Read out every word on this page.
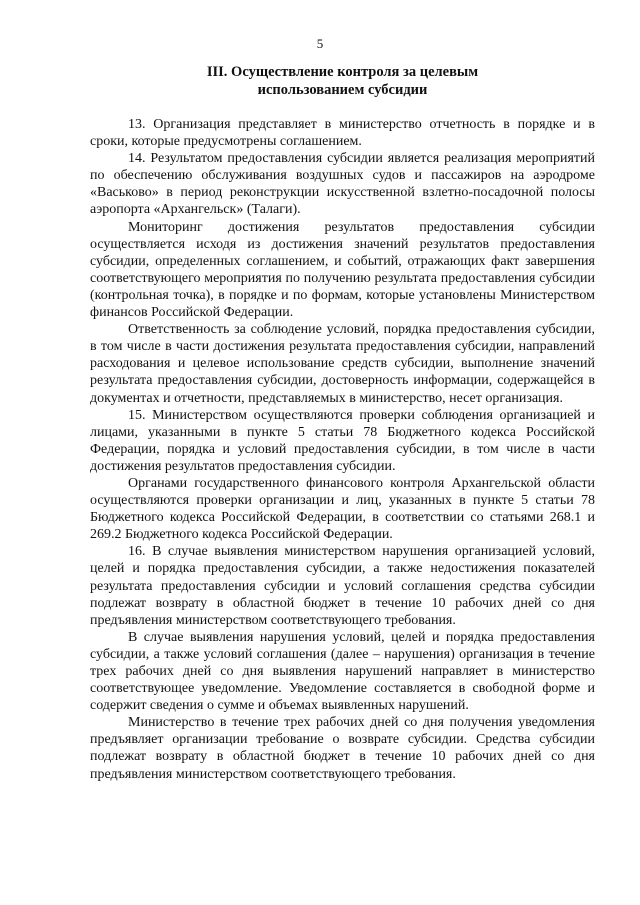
5
III. Осуществление контроля за целевым
использованием субсидии

13. Организация представляет в министерство отчетность в порядке и в сроки, которые предусмотрены соглашением.

14. Результатом предоставления субсидии является реализация мероприятий по обеспечению обслуживания воздушных судов и пассажиров на аэродроме «Васьково» в период реконструкции искусственной взлетно-посадочной полосы аэропорта «Архангельск» (Талаги).

Мониторинг достижения результатов предоставления субсидии осуществляется исходя из достижения значений результатов предоставления субсидии, определенных соглашением, и событий, отражающих факт завершения соответствующего мероприятия по получению результата предоставления субсидии (контрольная точка), в порядке и по формам, которые установлены Министерством финансов Российской Федерации.

Ответственность за соблюдение условий, порядка предоставления субсидии, в том числе в части достижения результата предоставления субсидии, направлений расходования и целевое использование средств субсидии, выполнение значений результата предоставления субсидии, достоверность информации, содержащейся в документах и отчетности, представляемых в министерство, несет организация.

15. Министерством осуществляются проверки соблюдения организацией и лицами, указанными в пункте 5 статьи 78 Бюджетного кодекса Российской Федерации, порядка и условий предоставления субсидии, в том числе в части достижения результатов предоставления субсидии.

Органами государственного финансового контроля Архангельской области осуществляются проверки организации и лиц, указанных в пункте 5 статьи 78 Бюджетного кодекса Российской Федерации, в соответствии со статьями 268.1 и 269.2 Бюджетного кодекса Российской Федерации.

16. В случае выявления министерством нарушения организацией условий, целей и порядка предоставления субсидии, а также недостижения показателей результата предоставления субсидии и условий соглашения средства субсидии подлежат возврату в областной бюджет в течение 10 рабочих дней со дня предъявления министерством соответствующего требования.

В случае выявления нарушения условий, целей и порядка предоставления субсидии, а также условий соглашения (далее – нарушения) организация в течение трех рабочих дней со дня выявления нарушений направляет в министерство соответствующее уведомление. Уведомление составляется в свободной форме и содержит сведения о сумме и объемах выявленных нарушений.

Министерство в течение трех рабочих дней со дня получения уведомления предъявляет организации требование о возврате субсидии. Средства субсидии подлежат возврату в областной бюджет в течение 10 рабочих дней со дня предъявления министерством соответствующего требования.
